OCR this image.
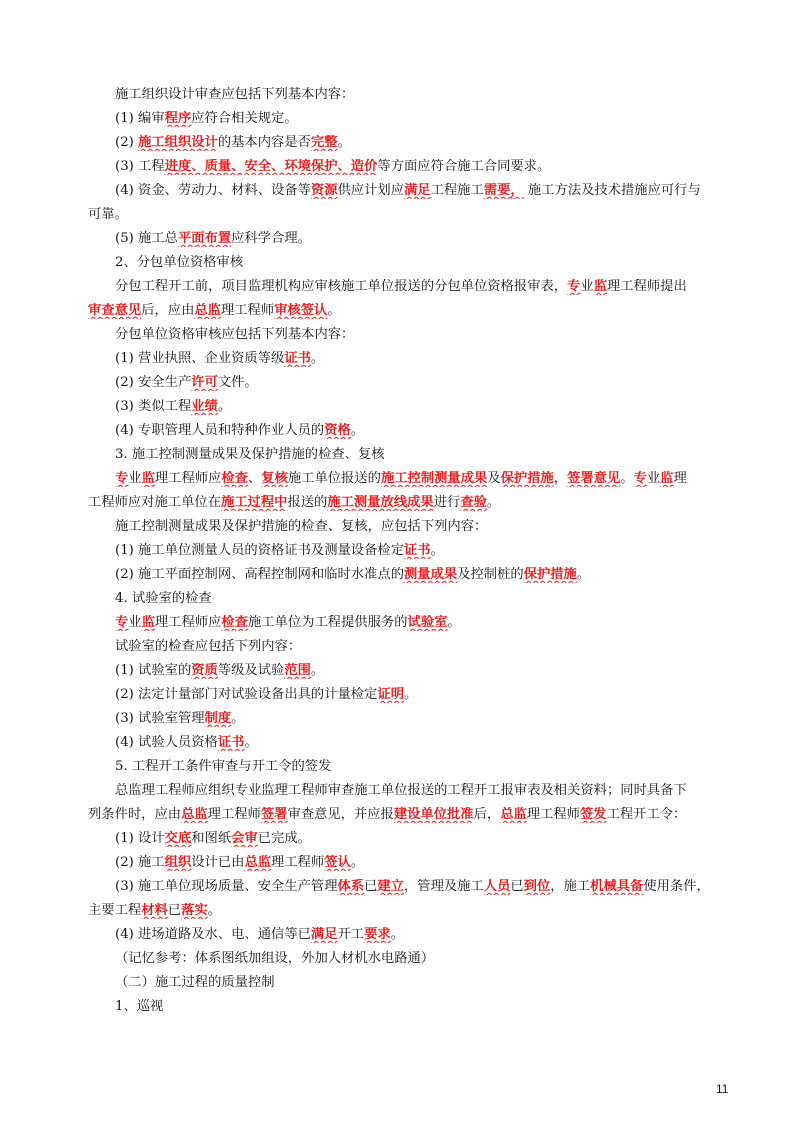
施工组织设计审查应包括下列基本内容：
(1) 编审程序应符合相关规定。
(2) 施工组织设计的基本内容是否完整。
(3) 工程进度、质量、安全、环境保护、造价等方面应符合施工合同要求。
(4) 资金、劳动力、材料、设备等资源供应计划应满足工程施工需要， 施工方法及技术措施应可行与
可靠。
(5) 施工总平面布置应科学合理。
2、分包单位资格审核
分包工程开工前，项目监理机构应审核施工单位报送的分包单位资格报审表，专业监理工程师提出
审查意见后，应由总监理工程师审核签认。
分包单位资格审核应包括下列基本内容：
(1) 营业执照、企业资质等级证书。
(2) 安全生产许可文件。
(3) 类似工程业绩。
(4) 专职管理人员和特种作业人员的资格。
3. 施工控制测量成果及保护措施的检查、复核
专业监理工程师应检查、复核施工单位报送的施工控制测量成果及保护措施，签署意见。专业监理
工程师应对施工单位在施工过程中报送的施工测量放线成果进行查验。
施工控制测量成果及保护措施的检查、复核，应包括下列内容：
(1) 施工单位测量人员的资格证书及测量设备检定证书。
(2) 施工平面控制网、高程控制网和临时水准点的测量成果及控制桩的保护措施。
4. 试验室的检查
专业监理工程师应检查施工单位为工程提供服务的试验室。
试验室的检查应包括下列内容：
(1) 试验室的资质等级及试验范围。
(2) 法定计量部门对试验设备出具的计量检定证明。
(3) 试验室管理制度。
(4) 试验人员资格证书。
5. 工程开工条件审查与开工令的签发
总监理工程师应组织专业监理工程师审查施工单位报送的工程开工报审表及相关资料；同时具备下
列条件时，应由总监理工程师签署审查意见，并应报建设单位批准后，总监理工程师签发工程开工令：
(1) 设计交底和图纸会审已完成。
(2) 施工组织设计已由总监理工程师签认。
(3) 施工单位现场质量、安全生产管理体系已建立，管理及施工人员已到位，施工机械具备使用条件，
主要工程材料已落实。
(4) 进场道路及水、电、通信等已满足开工要求。
（记忆参考：体系图纸加组设，外加人材机水电路通）
（二）施工过程的质量控制
1、巡视
11
